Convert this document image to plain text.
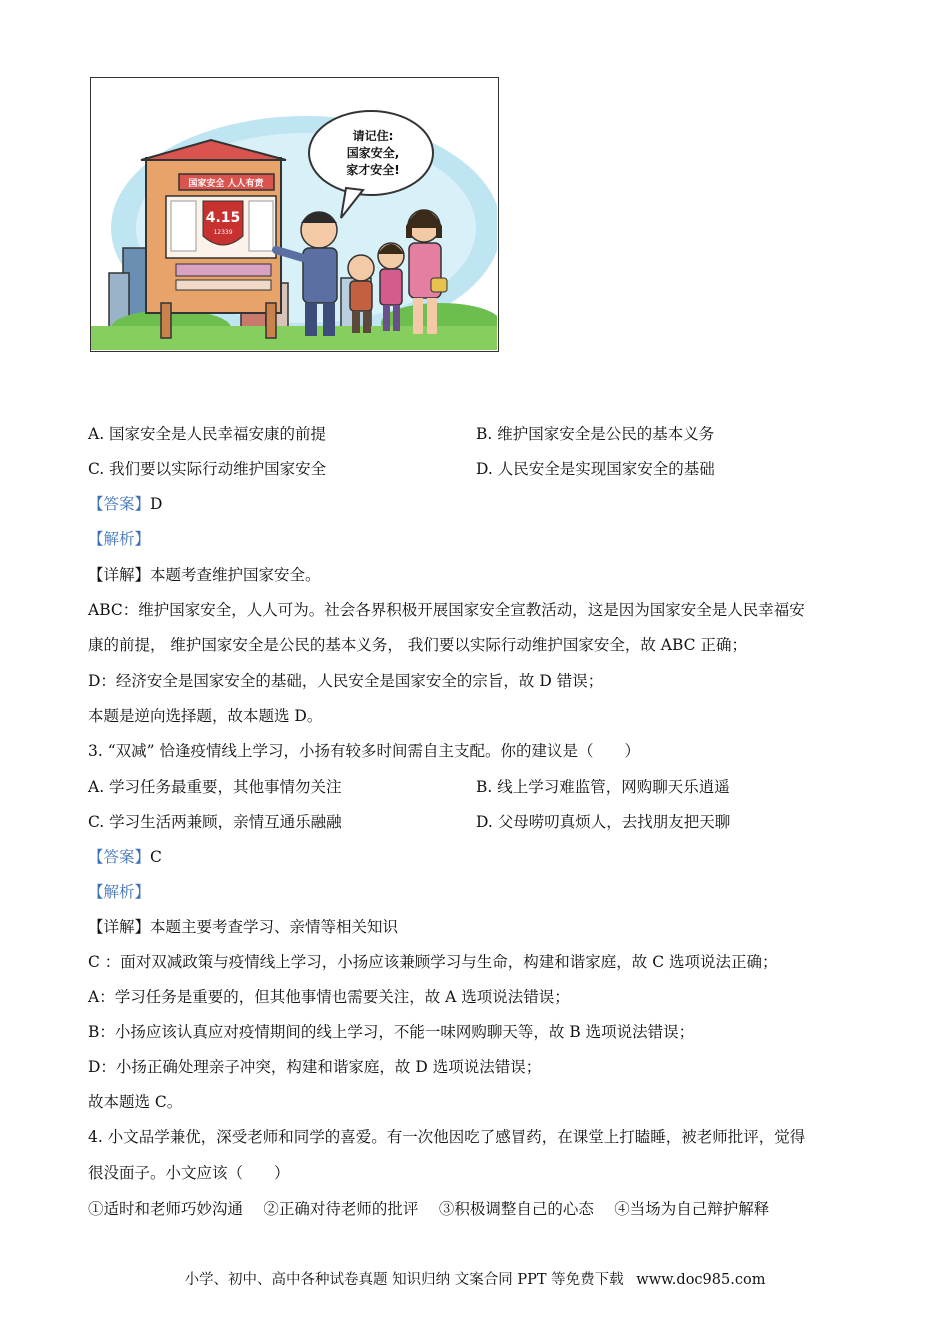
国家安全 人人有责
4.15
12339
请记住:
国家安全,
家才安全!
A. 国家安全是人民幸福安康的前提	B. 维护国家安全是公民的基本义务
C. 我们要以实际行动维护国家安全	D. 人民安全是实现国家安全的基础
【答案】D
【解析】
【详解】本题考查维护国家安全。
ABC：维护国家安全，人人可为。社会各界积极开展国家安全宣教活动，这是因为国家安全是人民幸福安
康的前提， 维护国家安全是公民的基本义务， 我们要以实际行动维护国家安全，故 ABC 正确；
D：经济安全是国家安全的基础，人民安全是国家安全的宗旨，故 D 错误；
本题是逆向选择题，故本题选 D。
3. “双减” 恰逢疫情线上学习，小扬有较多时间需自主支配。你的建议是（　　）
A. 学习任务最重要，其他事情勿关注	B. 线上学习难监管，网购聊天乐逍遥
C. 学习生活两兼顾，亲情互通乐融融	D. 父母唠叨真烦人，去找朋友把天聊
【答案】C
【解析】
【详解】本题主要考查学习、亲情等相关知识
C ：面对双减政策与疫情线上学习，小扬应该兼顾学习与生命，构建和谐家庭，故 C 选项说法正确；
A：学习任务是重要的，但其他事情也需要关注，故 A 选项说法错误；
B：小扬应该认真应对疫情期间的线上学习，不能一味网购聊天等，故 B 选项说法错误；
D：小扬正确处理亲子冲突，构建和谐家庭，故 D 选项说法错误；
故本题选 C。
4. 小文品学兼优，深受老师和同学的喜爱。有一次他因吃了感冒药，在课堂上打瞌睡，被老师批评，觉得
很没面子。小文应该（　　）
①适时和老师巧妙沟通　 ②正确对待老师的批评　 ③积极调整自己的心态　 ④当场为自己辩护解释
小学、初中、高中各种试卷真题 知识归纳 文案合同 PPT 等免费下载 www.doc985.com
